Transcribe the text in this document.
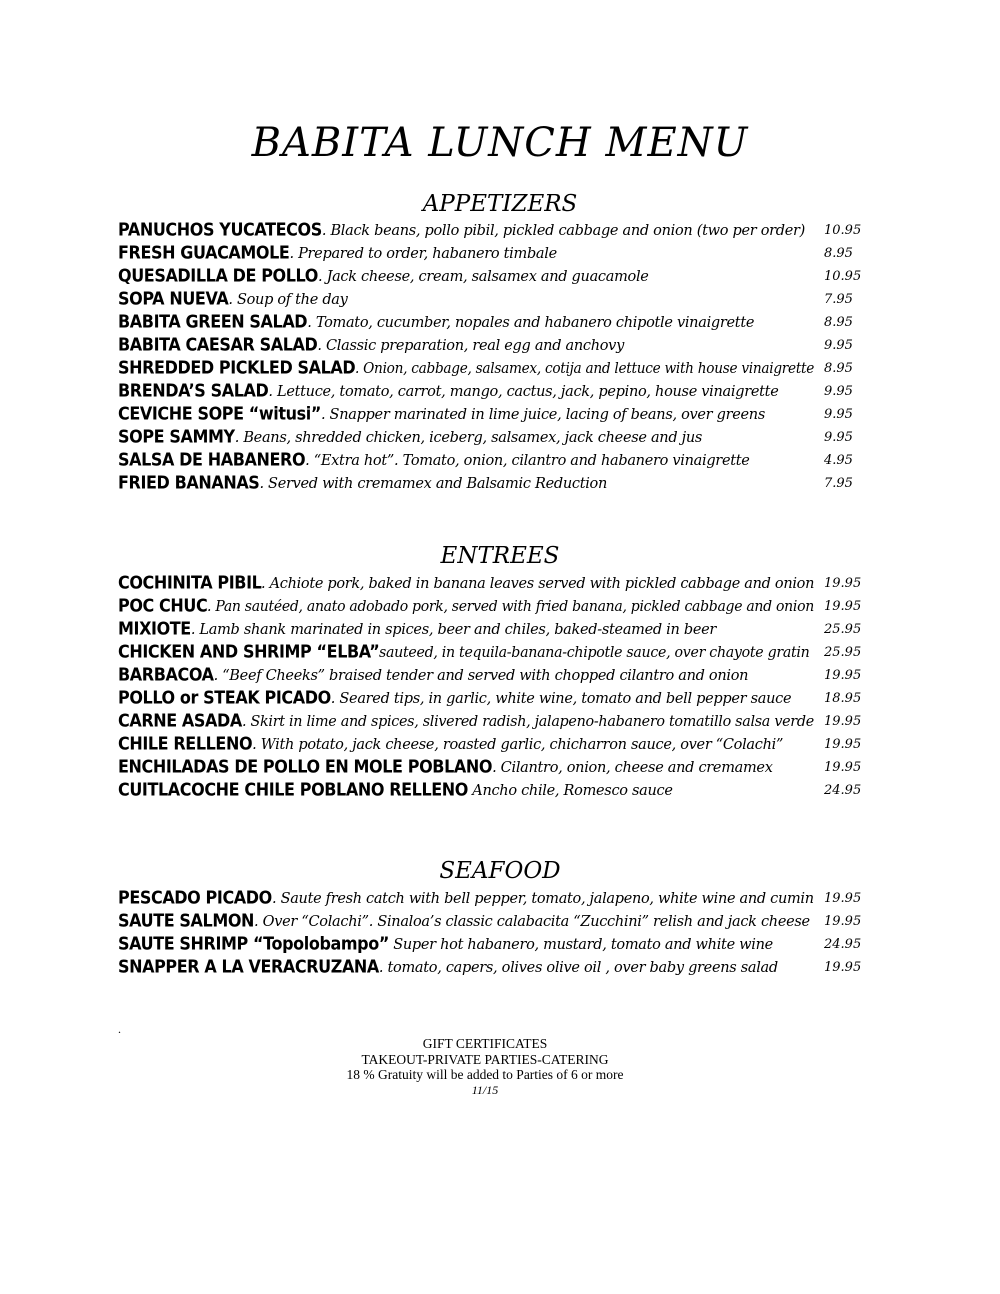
BABITA LUNCH MENU
APPETIZERS
PANUCHOS YUCATECOS. Black beans, pollo pibil, pickled cabbage and onion (two per order) 10.95
FRESH GUACAMOLE. Prepared to order, habanero timbale	8.95
QUESADILLA DE POLLO. Jack cheese, cream, salsamex and guacamole	10.95
SOPA NUEVA. Soup of the day	7.95
BABITA GREEN SALAD. Tomato, cucumber, nopales and habanero chipotle vinaigrette	8.95
BABITA CAESAR SALAD. Classic preparation, real egg and anchovy	9.95
SHREDDED PICKLED SALAD. Onion, cabbage, salsamex, cotija and lettuce with house vinaigrette 8.95
BRENDA’S SALAD. Lettuce, tomato, carrot, mango, cactus, jack, pepino, house vinaigrette	9.95
CEVICHE SOPE “witusi”. Snapper marinated in lime juice, lacing of beans, over greens	9.95
SOPE SAMMY. Beans, shredded chicken, iceberg, salsamex, jack cheese and jus	9.95
SALSA DE HABANERO. “Extra hot”. Tomato, onion, cilantro and habanero vinaigrette	4.95
FRIED BANANAS. Served with cremamex and Balsamic Reduction	7.95
ENTREES
COCHINITA PIBIL. Achiote pork, baked in banana leaves served with pickled cabbage and onion 19.95
POC CHUC. Pan sautéed, anato adobado pork, served with fried banana, pickled cabbage and onion 19.95
MIXIOTE. Lamb shank marinated in spices, beer and chiles, baked-steamed in beer	25.95
CHICKEN AND SHRIMP “ELBA”sauteed, in tequila-banana-chipotle sauce, over chayote gratin 25.95
BARBACOA. “Beef Cheeks” braised tender and served with chopped cilantro and onion	19.95
POLLO or STEAK PICADO. Seared tips, in garlic, white wine, tomato and bell pepper sauce	18.95
CARNE ASADA. Skirt in lime and spices, slivered radish, jalapeno-habanero tomatillo salsa verde 19.95
CHILE RELLENO. With potato, jack cheese, roasted garlic, chicharron sauce, over “Colachi”	19.95
ENCHILADAS DE POLLO EN MOLE POBLANO. Cilantro, onion, cheese and cremamex	19.95
CUITLACOCHE CHILE POBLANO RELLENO Ancho chile, Romesco sauce	24.95
SEAFOOD
PESCADO PICADO. Saute fresh catch with bell pepper, tomato, jalapeno, white wine and cumin 19.95
SAUTE SALMON. Over “Colachi”. Sinaloa’s classic calabacita “Zucchini” relish and jack cheese 19.95
SAUTE SHRIMP “Topolobampo” Super hot habanero, mustard, tomato and white wine	24.95
SNAPPER A LA VERACRUZANA. tomato, capers, olives olive oil , over baby greens salad	19.95
.
GIFT CERTIFICATES
TAKEOUT-PRIVATE PARTIES-CATERING
18 % Gratuity will be added to Parties of 6 or more
11/15
